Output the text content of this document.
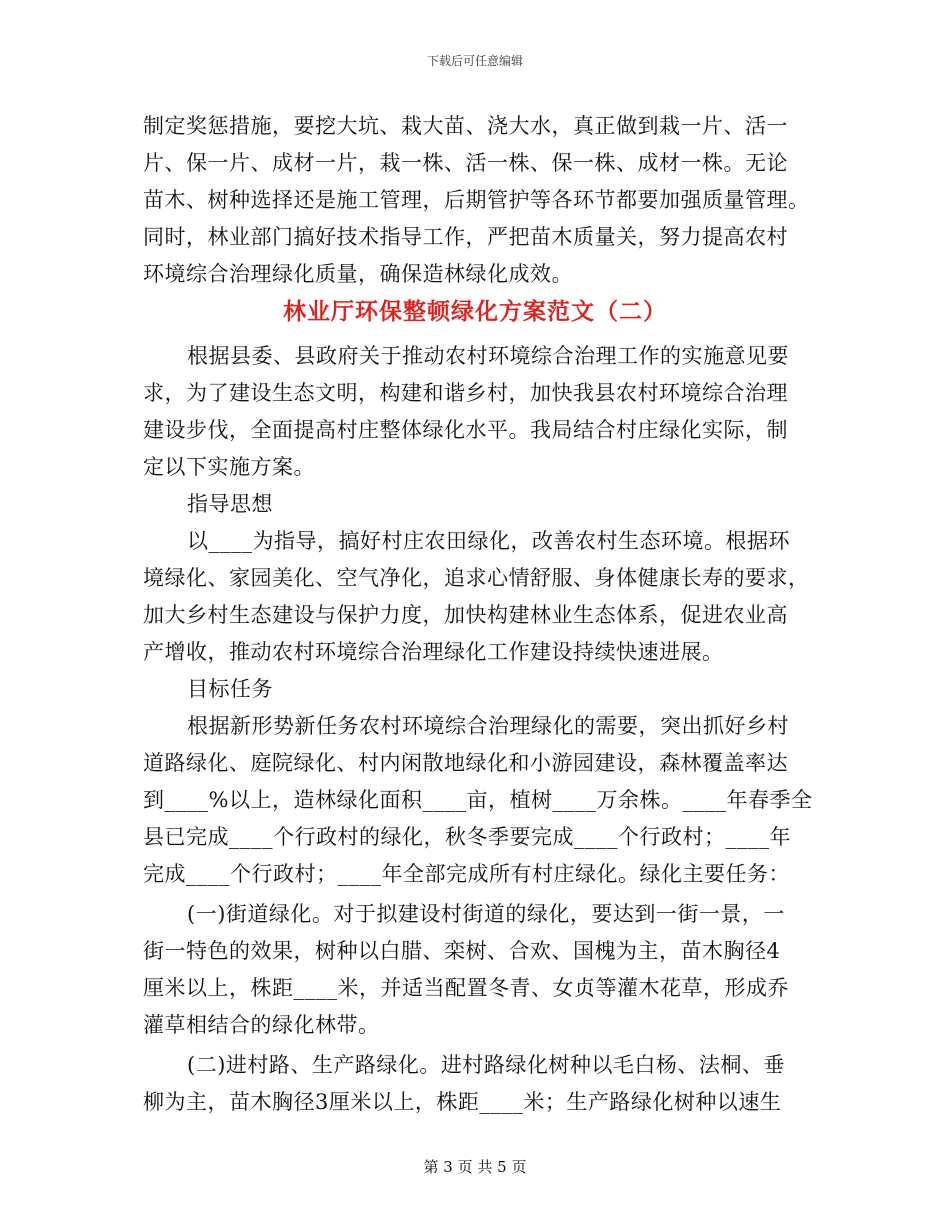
下载后可任意编辑
制定奖惩措施，要挖大坑、栽大苗、浇大水，真正做到栽一片、活一
片、保一片、成材一片，栽一株、活一株、保一株、成材一株。无论
苗木、树种选择还是施工管理，后期管护等各环节都要加强质量管理。
同时，林业部门搞好技术指导工作，严把苗木质量关，努力提高农村
环境综合治理绿化质量，确保造林绿化成效。
林业厅环保整顿绿化方案范文（二）
根据县委、县政府关于推动农村环境综合治理工作的实施意见要
求，为了建设生态文明，构建和谐乡村，加快我县农村环境综合治理
建设步伐，全面提高村庄整体绿化水平。我局结合村庄绿化实际，制
定以下实施方案。
指导思想
以____为指导，搞好村庄农田绿化，改善农村生态环境。根据环
境绿化、家园美化、空气净化，追求心情舒服、身体健康长寿的要求，
加大乡村生态建设与保护力度，加快构建林业生态体系，促进农业高
产增收，推动农村环境综合治理绿化工作建设持续快速进展。
目标任务
根据新形势新任务农村环境综合治理绿化的需要，突出抓好乡村
道路绿化、庭院绿化、村内闲散地绿化和小游园建设，森林覆盖率达
到____%以上，造林绿化面积____亩，植树____万余株。____年春季全
县已完成____个行政村的绿化，秋冬季要完成____个行政村；____年
完成____个行政村；____年全部完成所有村庄绿化。绿化主要任务：
(一)街道绿化。对于拟建设村街道的绿化，要达到一街一景，一
街一特色的效果，树种以白腊、栾树、合欢、国槐为主，苗木胸径4
厘米以上，株距____米，并适当配置冬青、女贞等灌木花草，形成乔
灌草相结合的绿化林带。
(二)进村路、生产路绿化。进村路绿化树种以毛白杨、法桐、垂
柳为主，苗木胸径3厘米以上，株距____米；生产路绿化树种以速生
第 3 页 共 5 页
